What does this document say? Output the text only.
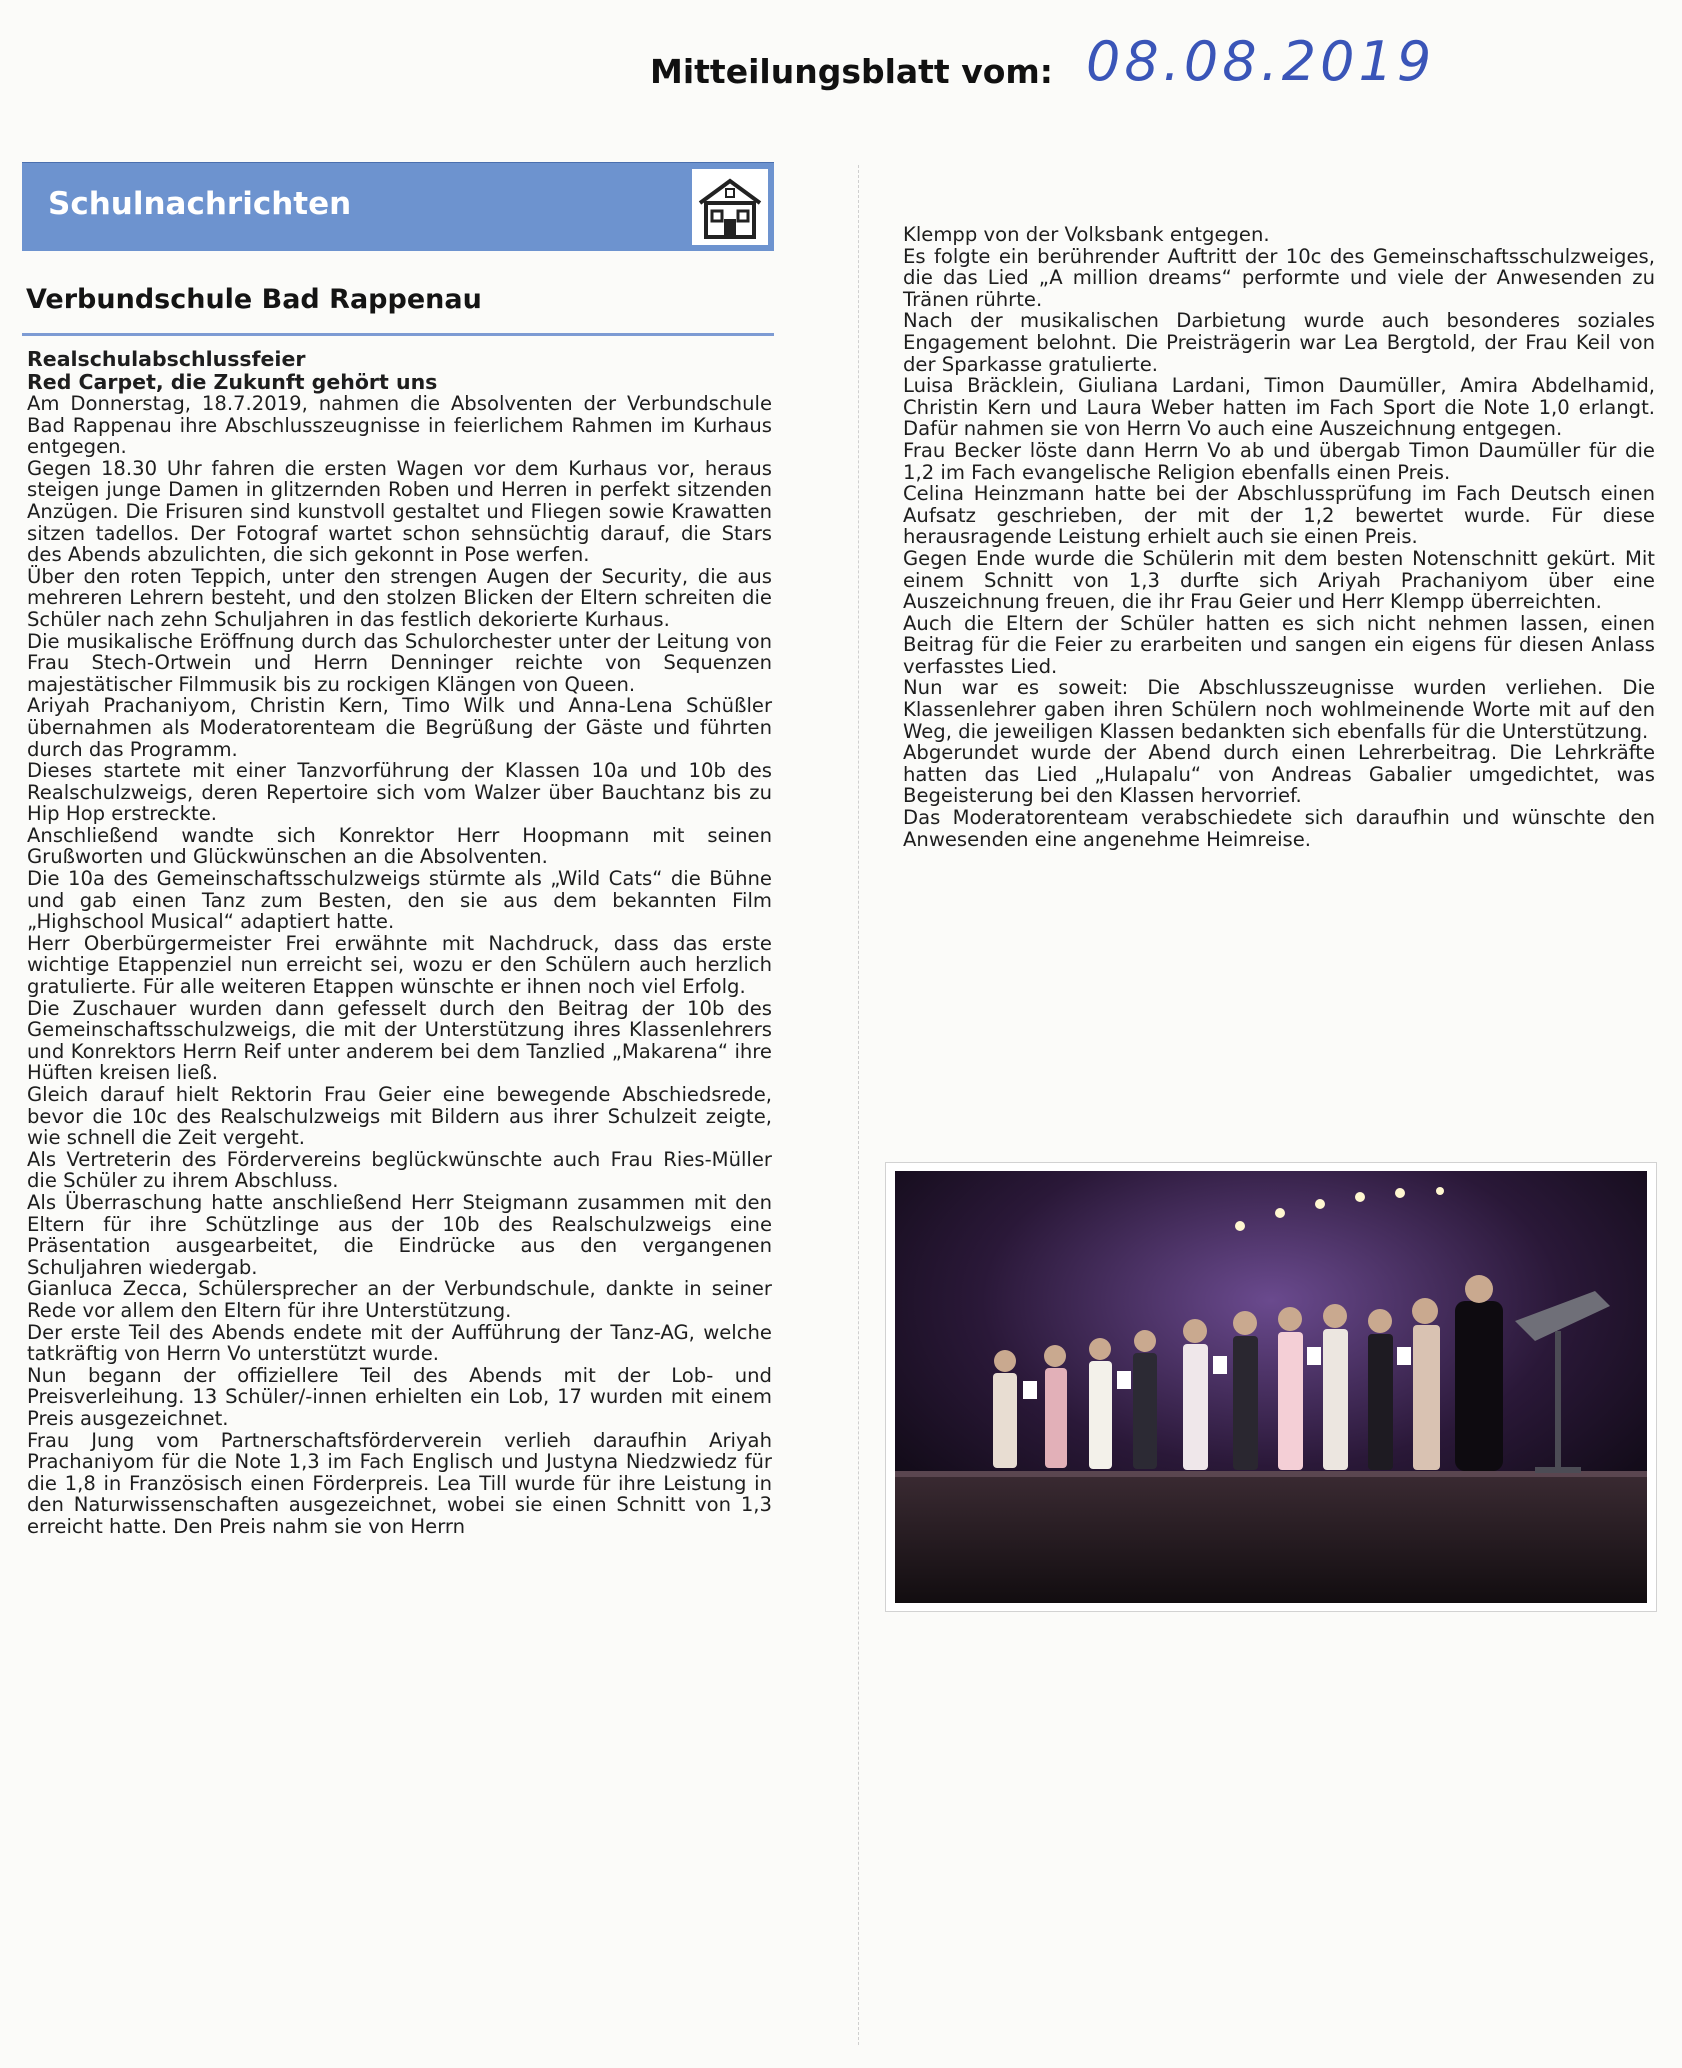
Mitteilungsblatt vom: 08.08.2019
Schulnachrichten
Verbundschule Bad Rappenau
Realschulabschlussfeier
Red Carpet, die Zukunft gehört uns

Am Donnerstag, 18.7.2019, nahmen die Absolventen der Verbundschule Bad Rappenau ihre Abschlusszeugnisse in feierlichem Rahmen im Kurhaus entgegen.

Gegen 18.30 Uhr fahren die ersten Wagen vor dem Kurhaus vor, heraus steigen junge Damen in glitzernden Roben und Herren in perfekt sitzenden Anzügen. Die Frisuren sind kunstvoll gestaltet und Fliegen sowie Krawatten sitzen tadellos. Der Fotograf wartet schon sehnsüchtig darauf, die Stars des Abends abzulichten, die sich gekonnt in Pose werfen.

Über den roten Teppich, unter den strengen Augen der Security, die aus mehreren Lehrern besteht, und den stolzen Blicken der Eltern schreiten die Schüler nach zehn Schuljahren in das festlich dekorierte Kurhaus.

Die musikalische Eröffnung durch das Schulorchester unter der Leitung von Frau Stech-Ortwein und Herrn Denninger reichte von Sequenzen majestätischer Filmmusik bis zu rockigen Klängen von Queen.

Ariyah Prachaniyom, Christin Kern, Timo Wilk und Anna-Lena Schüßler übernahmen als Moderatorenteam die Begrüßung der Gäste und führten durch das Programm.

Dieses startete mit einer Tanzvorführung der Klassen 10a und 10b des Realschulzweigs, deren Repertoire sich vom Walzer über Bauchtanz bis zu Hip Hop erstreckte.

Anschließend wandte sich Konrektor Herr Hoopmann mit seinen Grußworten und Glückwünschen an die Absolventen.

Die 10a des Gemeinschaftsschulzweigs stürmte als „Wild Cats“ die Bühne und gab einen Tanz zum Besten, den sie aus dem bekannten Film „Highschool Musical“ adaptiert hatte.

Herr Oberbürgermeister Frei erwähnte mit Nachdruck, dass das erste wichtige Etappenziel nun erreicht sei, wozu er den Schülern auch herzlich gratulierte. Für alle weiteren Etappen wünschte er ihnen noch viel Erfolg.

Die Zuschauer wurden dann gefesselt durch den Beitrag der 10b des Gemeinschaftsschulzweigs, die mit der Unterstützung ihres Klassenlehrers und Konrektors Herrn Reif unter anderem bei dem Tanzlied „Makarena“ ihre Hüften kreisen ließ.

Gleich darauf hielt Rektorin Frau Geier eine bewegende Abschiedsrede, bevor die 10c des Realschulzweigs mit Bildern aus ihrer Schulzeit zeigte, wie schnell die Zeit vergeht.

Als Vertreterin des Fördervereins beglückwünschte auch Frau Ries-Müller die Schüler zu ihrem Abschluss.

Als Überraschung hatte anschließend Herr Steigmann zusammen mit den Eltern für ihre Schützlinge aus der 10b des Realschulzweigs eine Präsentation ausgearbeitet, die Eindrücke aus den vergangenen Schuljahren wiedergab.

Gianluca Zecca, Schülersprecher an der Verbundschule, dankte in seiner Rede vor allem den Eltern für ihre Unterstützung.

Der erste Teil des Abends endete mit der Aufführung der Tanz-AG, welche tatkräftig von Herrn Vo unterstützt wurde.

Nun begann der offiziellere Teil des Abends mit der Lob- und Preisverleihung. 13 Schüler/-innen erhielten ein Lob, 17 wurden mit einem Preis ausgezeichnet.

Frau Jung vom Partnerschaftsförderverein verlieh daraufhin Ariyah Prachaniyom für die Note 1,3 im Fach Englisch und Justyna Niedzwiedz für die 1,8 in Französisch einen Förderpreis. Lea Till wurde für ihre Leistung in den Naturwissenschaften ausgezeichnet, wobei sie einen Schnitt von 1,3 erreicht hatte. Den Preis nahm sie von Herrn

Klempp von der Volksbank entgegen.

Es folgte ein berührender Auftritt der 10c des Gemeinschaftsschulzweiges, die das Lied „A million dreams“ performte und viele der Anwesenden zu Tränen rührte.

Nach der musikalischen Darbietung wurde auch besonderes soziales Engagement belohnt. Die Preisträgerin war Lea Bergtold, der Frau Keil von der Sparkasse gratulierte.

Luisa Bräcklein, Giuliana Lardani, Timon Daumüller, Amira Abdelhamid, Christin Kern und Laura Weber hatten im Fach Sport die Note 1,0 erlangt. Dafür nahmen sie von Herrn Vo auch eine Auszeichnung entgegen.

Frau Becker löste dann Herrn Vo ab und übergab Timon Daumüller für die 1,2 im Fach evangelische Religion ebenfalls einen Preis.

Celina Heinzmann hatte bei der Abschlussprüfung im Fach Deutsch einen Aufsatz geschrieben, der mit der 1,2 bewertet wurde. Für diese herausragende Leistung erhielt auch sie einen Preis.

Gegen Ende wurde die Schülerin mit dem besten Notenschnitt gekürt. Mit einem Schnitt von 1,3 durfte sich Ariyah Prachaniyom über eine Auszeichnung freuen, die ihr Frau Geier und Herr Klempp überreichten.

Auch die Eltern der Schüler hatten es sich nicht nehmen lassen, einen Beitrag für die Feier zu erarbeiten und sangen ein eigens für diesen Anlass verfasstes Lied.

Nun war es soweit: Die Abschlusszeugnisse wurden verliehen. Die Klassenlehrer gaben ihren Schülern noch wohlmeinende Worte mit auf den Weg, die jeweiligen Klassen bedankten sich ebenfalls für die Unterstützung.

Abgerundet wurde der Abend durch einen Lehrerbeitrag. Die Lehrkräfte hatten das Lied „Hulapalu“ von Andreas Gabalier umgedichtet, was Begeisterung bei den Klassen hervorrief.

Das Moderatorenteam verabschiedete sich daraufhin und wünschte den Anwesenden eine angenehme Heimreise.
